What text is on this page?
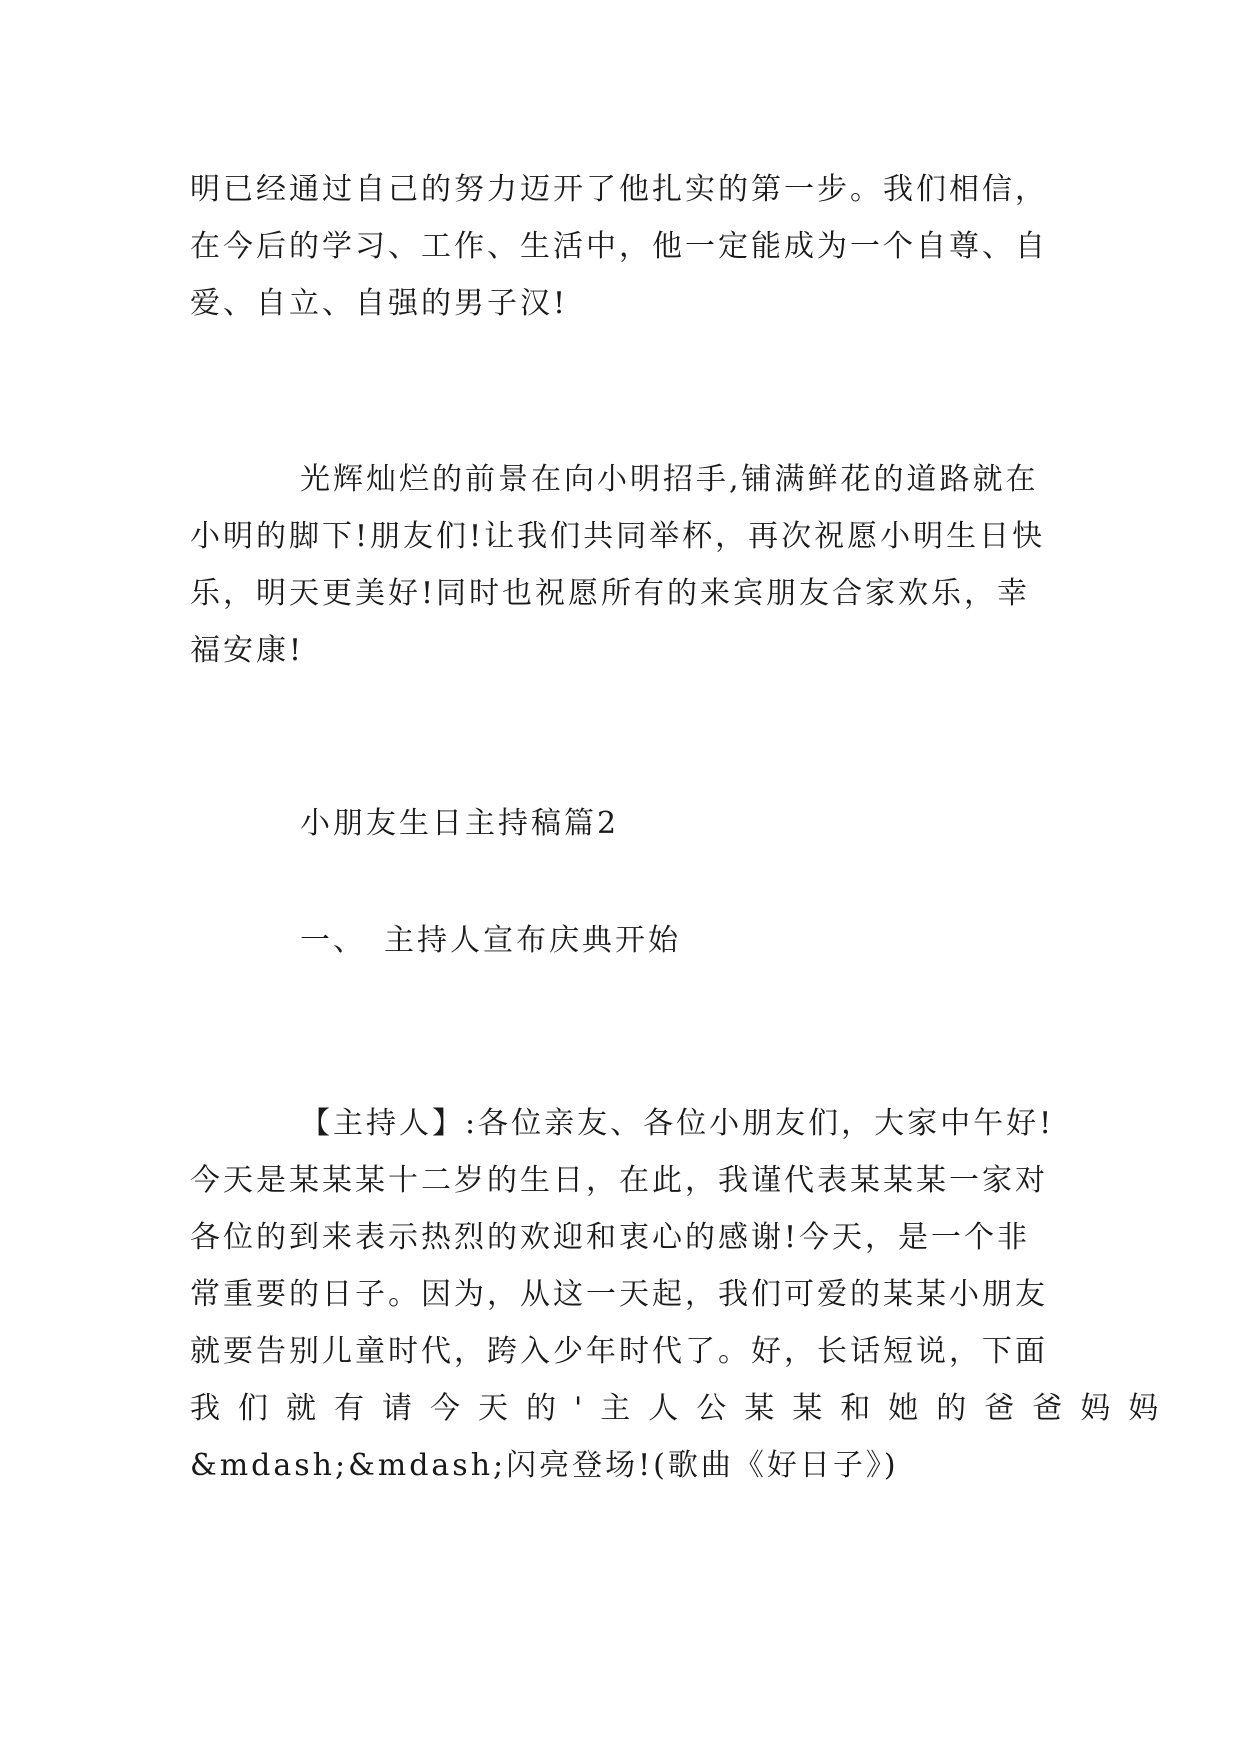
明已经通过自己的努力迈开了他扎实的第一步。我们相信，
在今后的学习、工作、生活中，他一定能成为一个自尊、自
爱、自立、自强的男子汉!
光辉灿烂的前景在向小明招手,铺满鲜花的道路就在
小明的脚下!朋友们!让我们共同举杯，再次祝愿小明生日快
乐，明天更美好!同时也祝愿所有的来宾朋友合家欢乐，幸
福安康!
小朋友生日主持稿篇2
一、　主持人宣布庆典开始
【主持人】:各位亲友、各位小朋友们，大家中午好!
今天是某某某十二岁的生日，在此，我谨代表某某某一家对
各位的到来表示热烈的欢迎和衷心的感谢!今天，是一个非
常重要的日子。因为，从这一天起，我们可爱的某某小朋友
就要告别儿童时代，跨入少年时代了。好，长话短说，下面
我们就有请今天的'主人公某某和她的爸爸妈妈
&mdash;&mdash;闪亮登场!(歌曲《好日子》)
